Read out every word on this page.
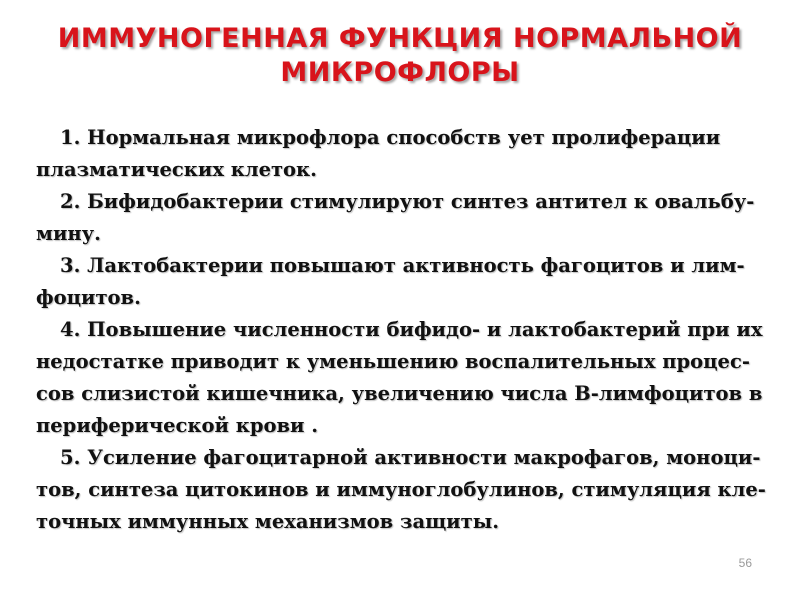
ИММУНОГЕННАЯ ФУНКЦИЯ НОРМАЛЬНОЙ
МИКРОФЛОРЫ
1. Нормальная микрофлора способств ует пролиферации
плазматических клеток.
2. Бифидобактерии стимулируют синтез антител к овальбу-
мину.
3. Лактобактерии повышают активность фагоцитов и лим-
фоцитов.
4. Повышение численности бифидо- и лактобактерий при их
недостатке приводит к уменьшению воспалительных процес-
сов слизистой кишечника, увеличению числа В-лимфоцитов в
периферической крови .
5. Усиление фагоцитарной активности макрофагов, моноци-
тов, синтеза цитокинов и иммуноглобулинов, стимуляция кле-
точных иммунных механизмов защиты.
56
